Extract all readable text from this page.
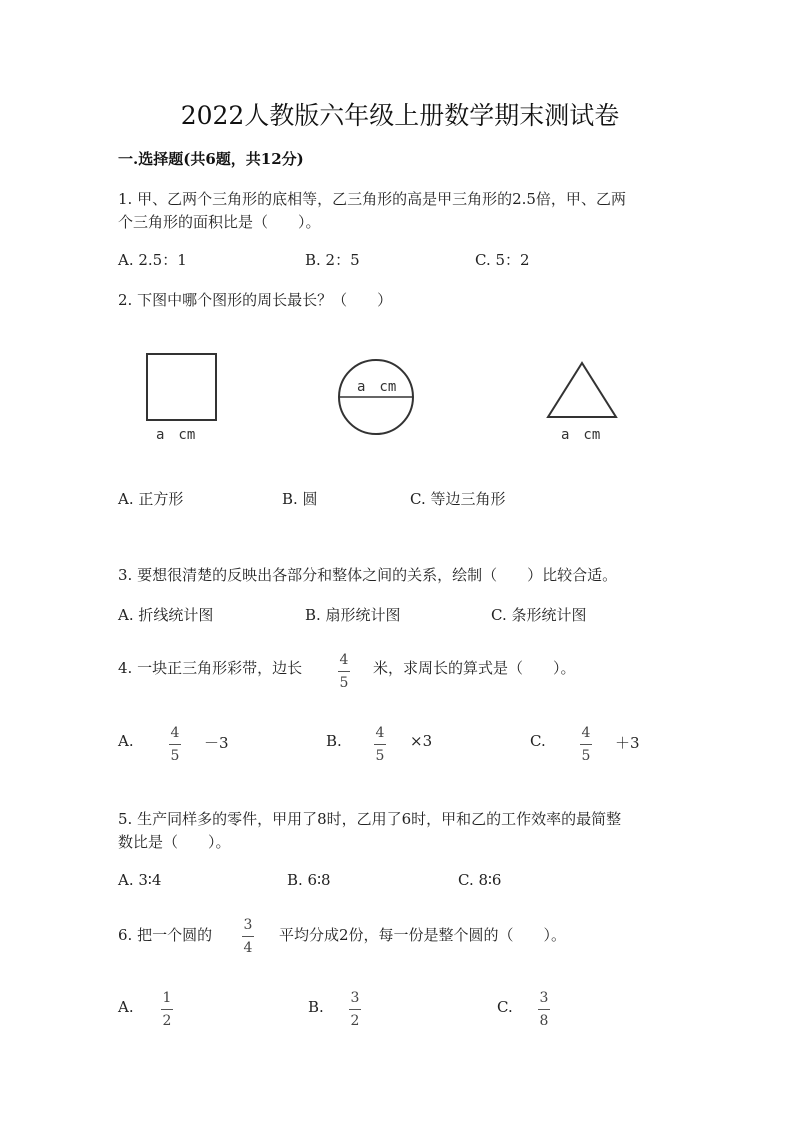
2022人教版六年级上册数学期末测试卷
一.选择题(共6题，共12分)
1. 甲、乙两个三角形的底相等，乙三角形的高是甲三角形的2.5倍，甲、乙两
个三角形的面积比是（　　）。
A. 2.5：1	B. 2：5	C. 5：2
2. 下图中哪个图形的周长最长？（　　）
a　cm
a　cm
a　cm
A. 正方形	B. 圆	C. 等边三角形
3. 要想很清楚的反映出各部分和整体之间的关系，绘制（　　）比较合适。
A. 折线统计图	B. 扇形统计图	C. 条形统计图
4. 一块正三角形彩带，边长	4
5
米，求周长的算式是（　　）。
A.	4
5
－3	B. 4
5
×3	C.	4
5
＋3
5. 生产同样多的零件，甲用了8时，乙用了6时，甲和乙的工作效率的最简整
数比是（　　）。
A. 3∶4	B. 6∶8	C. 8∶6
6. 把一个圆的
3
4
平均分成2份，每一份是整个圆的（　　）。
A. 1
2
B. 3
2
C. 3
8
